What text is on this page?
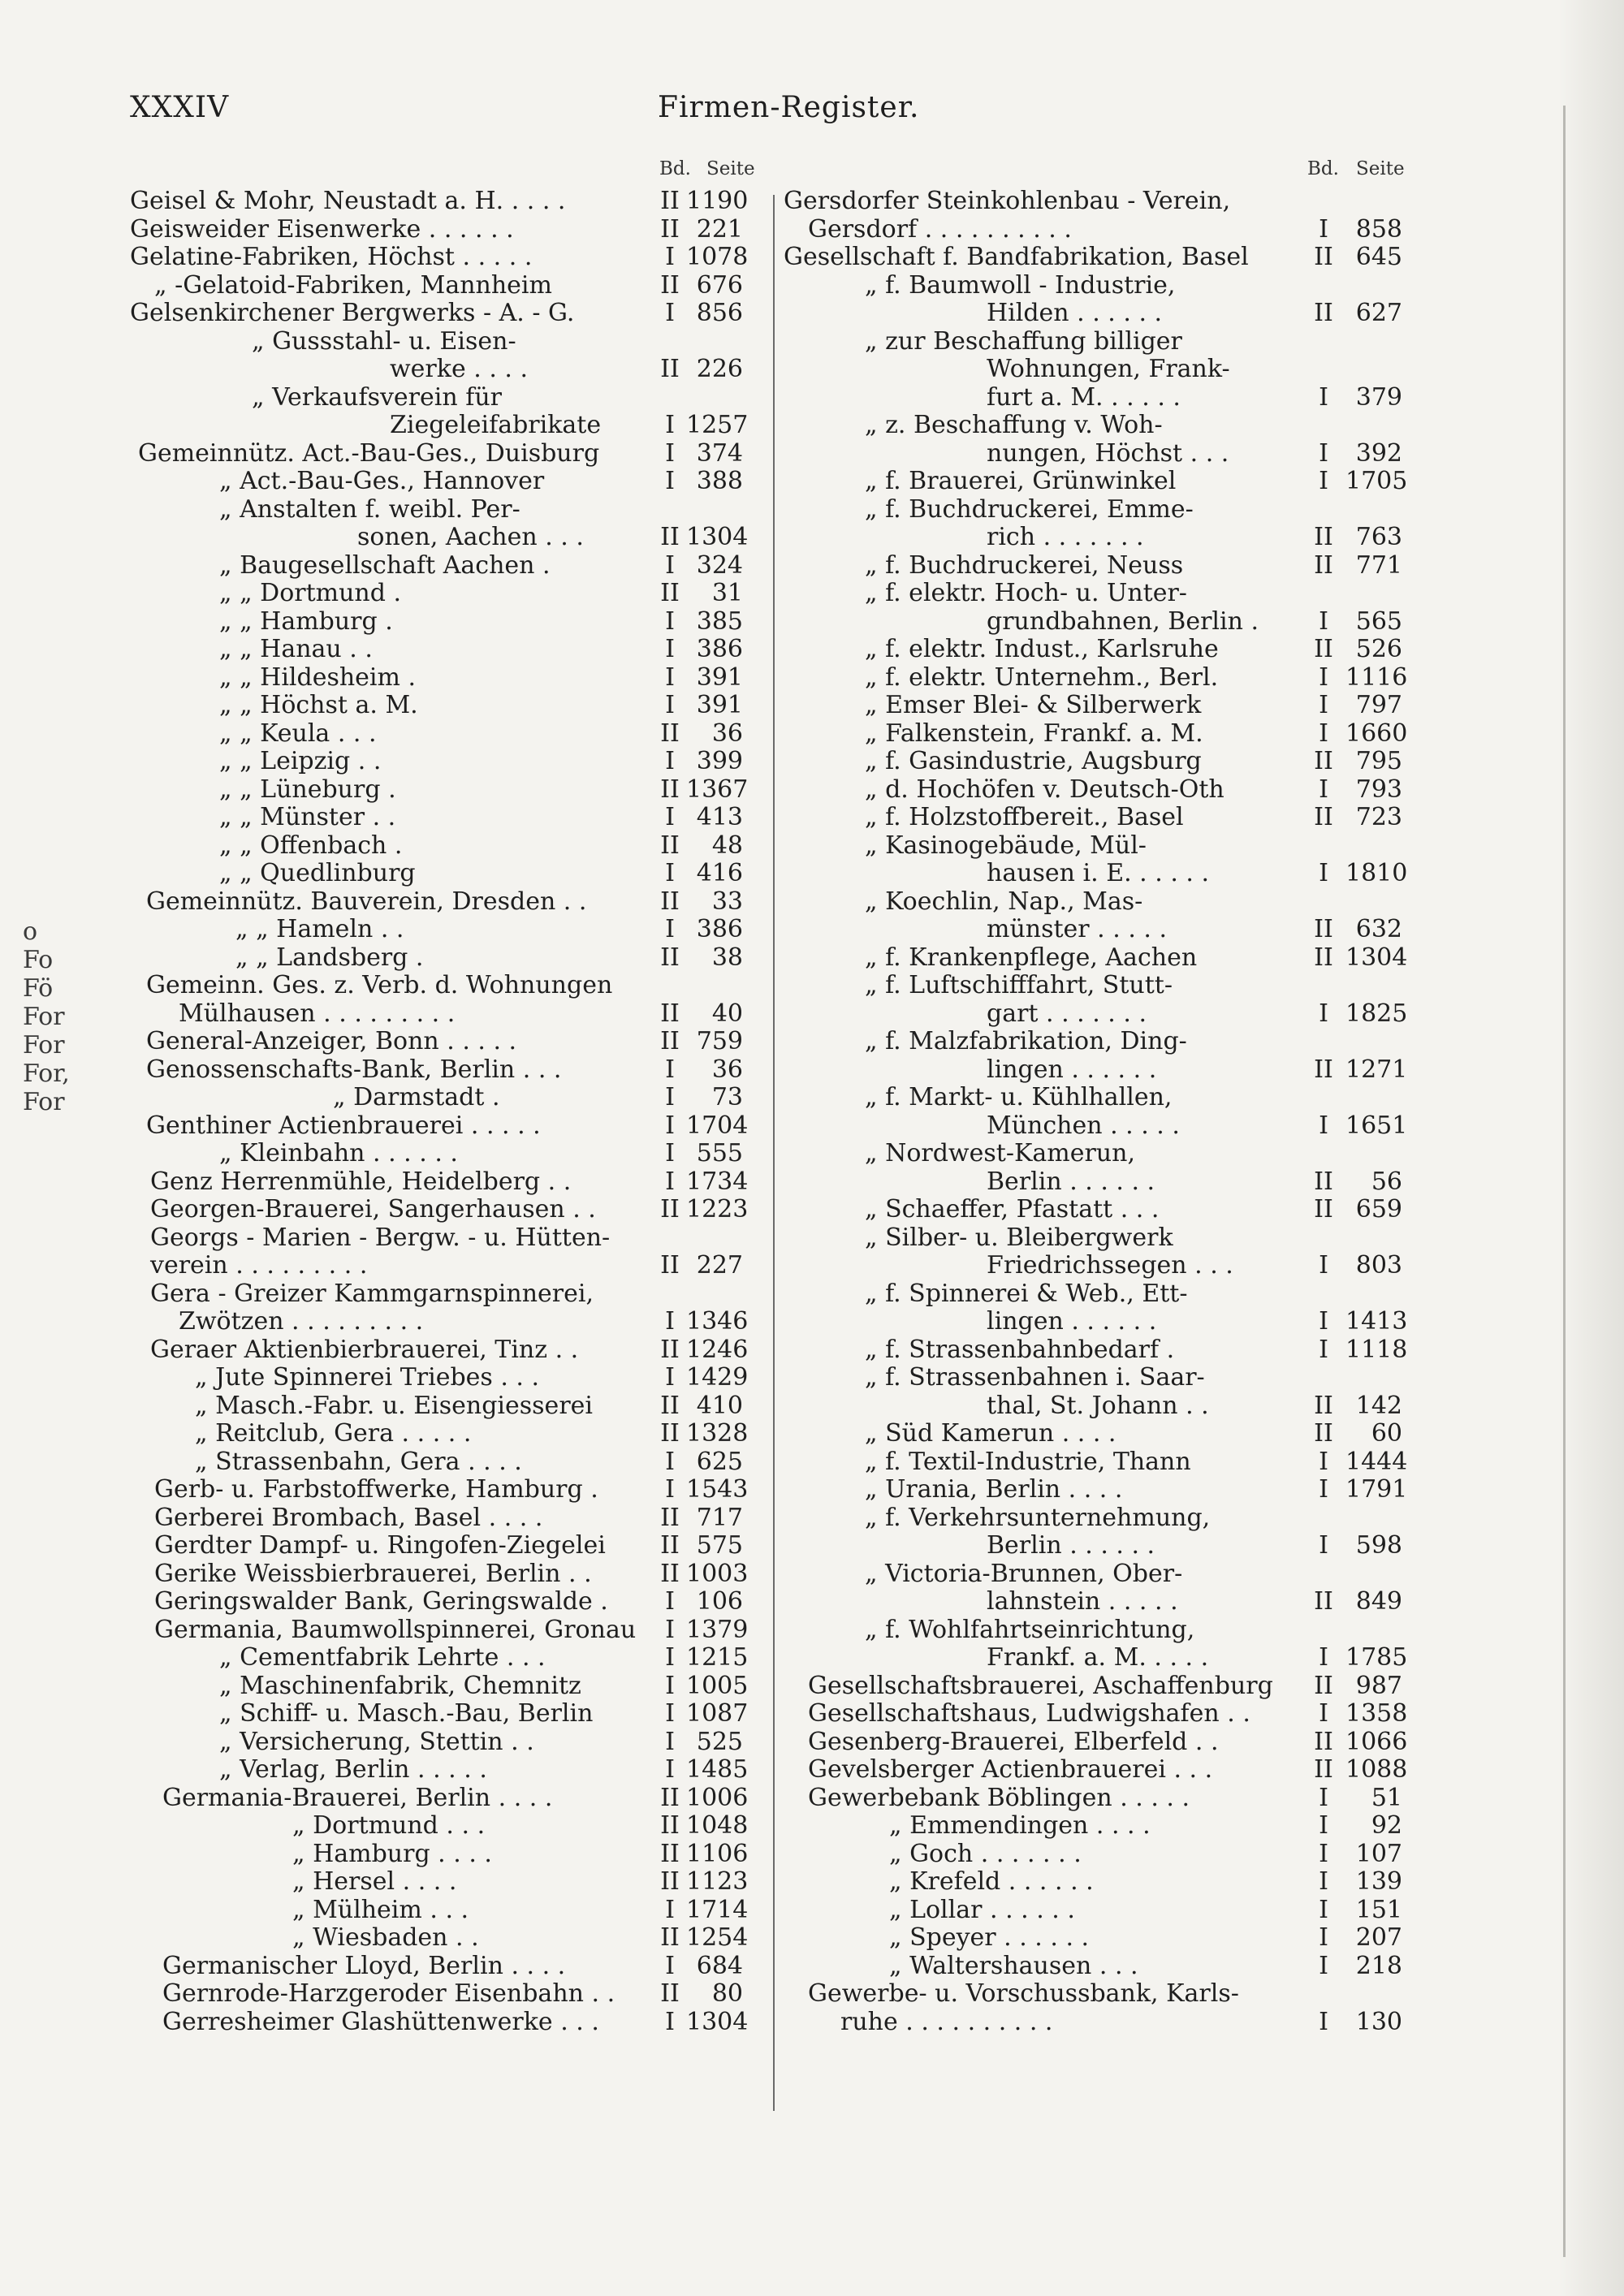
XXXIV	Firmen-Register.
o
Fo
Fö
For
For
For,
For
Bd. Seite
Geisel & Mohr, Neustadt a. H. . . . .	II 1190
Geisweider Eisenwerke . . . . . .	II 221
Gelatine-Fabriken, Höchst . . . . .	I 1078
„ -Gelatoid-Fabriken, Mannheim	II 676
Gelsenkirchener Bergwerks - A. - G.	I 856
„ Gussstahl- u. Eisen-
werke . . . .	II 226
„ Verkaufsverein für
Ziegeleifabrikate	I 1257
Gemeinnütz. Act.-Bau-Ges., Duisburg	I 374
„ Act.-Bau-Ges., Hannover	I 388
„ Anstalten f. weibl. Per-
sonen, Aachen . . .	II 1304
„ Baugesellschaft Aachen .	I 324
„ „ Dortmund .	II	31
„ „ Hamburg .	I 385
„ „ Hanau . .	I 386
„ „ Hildesheim .	I 391
„ „ Höchst a. M.	I 391
„ „ Keula . . .	II	36
„ „ Leipzig . .	I 399
„ „ Lüneburg .	II 1367
„ „ Münster . .	I 413
„ „ Offenbach .	II	48
„ „ Quedlinburg	I 416
Gemeinnütz. Bauverein, Dresden . .	II	33
„ „ Hameln . .	I 386
„ „ Landsberg .	II	38
Gemeinn. Ges. z. Verb. d. Wohnungen
Mülhausen . . . . . . . . .	II	40
General-Anzeiger, Bonn . . . . .	II 759
Genossenschafts-Bank, Berlin . . .	I	36
„ Darmstadt .	I	73
Genthiner Actienbrauerei . . . . .	I 1704
„ Kleinbahn . . . . . .	I 555
Genz Herrenmühle, Heidelberg . .	I 1734
Georgen-Brauerei, Sangerhausen . .	II 1223
Georgs - Marien - Bergw. - u. Hütten-
verein . . . . . . . . .	II 227
Gera - Greizer Kammgarnspinnerei,
Zwötzen . . . . . . . . .	I 1346
Geraer Aktienbierbrauerei, Tinz . .	II 1246
„ Jute Spinnerei Triebes . . .	I 1429
„ Masch.-Fabr. u. Eisengiesserei	II 410
„ Reitclub, Gera . . . . .	II 1328
„ Strassenbahn, Gera . . . .	I 625
Gerb- u. Farbstoffwerke, Hamburg .	I 1543
Gerberei Brombach, Basel . . . .	II 717
Gerdter Dampf- u. Ringofen-Ziegelei	II 575
Gerike Weissbierbrauerei, Berlin . .	II 1003
Geringswalder Bank, Geringswalde .	I 106
Germania, Baumwollspinnerei, Gronau	I 1379
„ Cementfabrik Lehrte . . .	I 1215
„ Maschinenfabrik, Chemnitz	I 1005
„ Schiff- u. Masch.-Bau, Berlin	I 1087
„ Versicherung, Stettin . .	I 525
„ Verlag, Berlin . . . . .	I 1485
Germania-Brauerei, Berlin . . . .	II 1006
„ Dortmund . . .	II 1048
„ Hamburg . . . .	II 1106
„ Hersel . . . .	II 1123
„ Mülheim . . .	I 1714
„ Wiesbaden . .	II 1254
Germanischer Lloyd, Berlin . . . .	I 684
Gernrode-Harzgeroder Eisenbahn . .	II	80
Gerresheimer Glashüttenwerke . . .	I 1304
Bd. Seite
Gersdorfer Steinkohlenbau - Verein,
Gersdorf . . . . . . . . . .	I	858
Gesellschaft f. Bandfabrikation, Basel	II 645
„ f. Baumwoll - Industrie,
Hilden . . . . . .	II 627
„ zur Beschaffung billiger
Wohnungen, Frank-
furt a. M. . . . . .	I	379
„ z. Beschaffung v. Woh-
nungen, Höchst . . .	I	392
„ f. Brauerei, Grünwinkel	I 1705
„ f. Buchdruckerei, Emme-
rich . . . . . . .	II 763
„ f. Buchdruckerei, Neuss	II 771
„ f. elektr. Hoch- u. Unter-
grundbahnen, Berlin .	I	565
„ f. elektr. Indust., Karlsruhe	II 526
„ f. elektr. Unternehm., Berl.	I 1116
„ Emser Blei- & Silberwerk	I	797
„ Falkenstein, Frankf. a. M.	I 1660
„ f. Gasindustrie, Augsburg	II 795
„ d. Hochöfen v. Deutsch-Oth	I	793
„ f. Holzstoffbereit., Basel	II 723
„ Kasinogebäude, Mül-
hausen i. E. . . . . .	I 1810
„ Koechlin, Nap., Mas-
münster . . . . .	II 632
„ f. Krankenpflege, Aachen	II 1304
„ f. Luftschifffahrt, Stutt-
gart . . . . . . .	I 1825
„ f. Malzfabrikation, Ding-
lingen . . . . . .	II 1271
„ f. Markt- u. Kühlhallen,
München . . . . .	I 1651
„ Nordwest-Kamerun,
Berlin . . . . . .	II	56
„ Schaeffer, Pfastatt . . .	II 659
„ Silber- u. Bleibergwerk
Friedrichssegen . . .	I	803
„ f. Spinnerei & Web., Ett-
lingen . . . . . .	I 1413
„ f. Strassenbahnbedarf .	I 1118
„ f. Strassenbahnen i. Saar-
thal, St. Johann . .	II 142
„ Süd Kamerun . . . .	II	60
„ f. Textil-Industrie, Thann	I 1444
„ Urania, Berlin . . . .	I 1791
„ f. Verkehrsunternehmung,
Berlin . . . . . .	I	598
„ Victoria-Brunnen, Ober-
lahnstein . . . . .	II 849
„ f. Wohlfahrtseinrichtung,
Frankf. a. M. . . . .	I 1785
Gesellschaftsbrauerei, Aschaffenburg	II 987
Gesellschaftshaus, Ludwigshafen . .	I 1358
Gesenberg-Brauerei, Elberfeld . .	II 1066
Gevelsberger Actienbrauerei . . .	II 1088
Gewerbebank Böblingen . . . . .	I	51
„ Emmendingen . . . .	I	92
„ Goch . . . . . . .	I	107
„ Krefeld . . . . . .	I	139
„ Lollar . . . . . .	I	151
„ Speyer . . . . . .	I	207
„ Waltershausen . . .	I	218
Gewerbe- u. Vorschussbank, Karls-
ruhe . . . . . . . . . .	I	130
